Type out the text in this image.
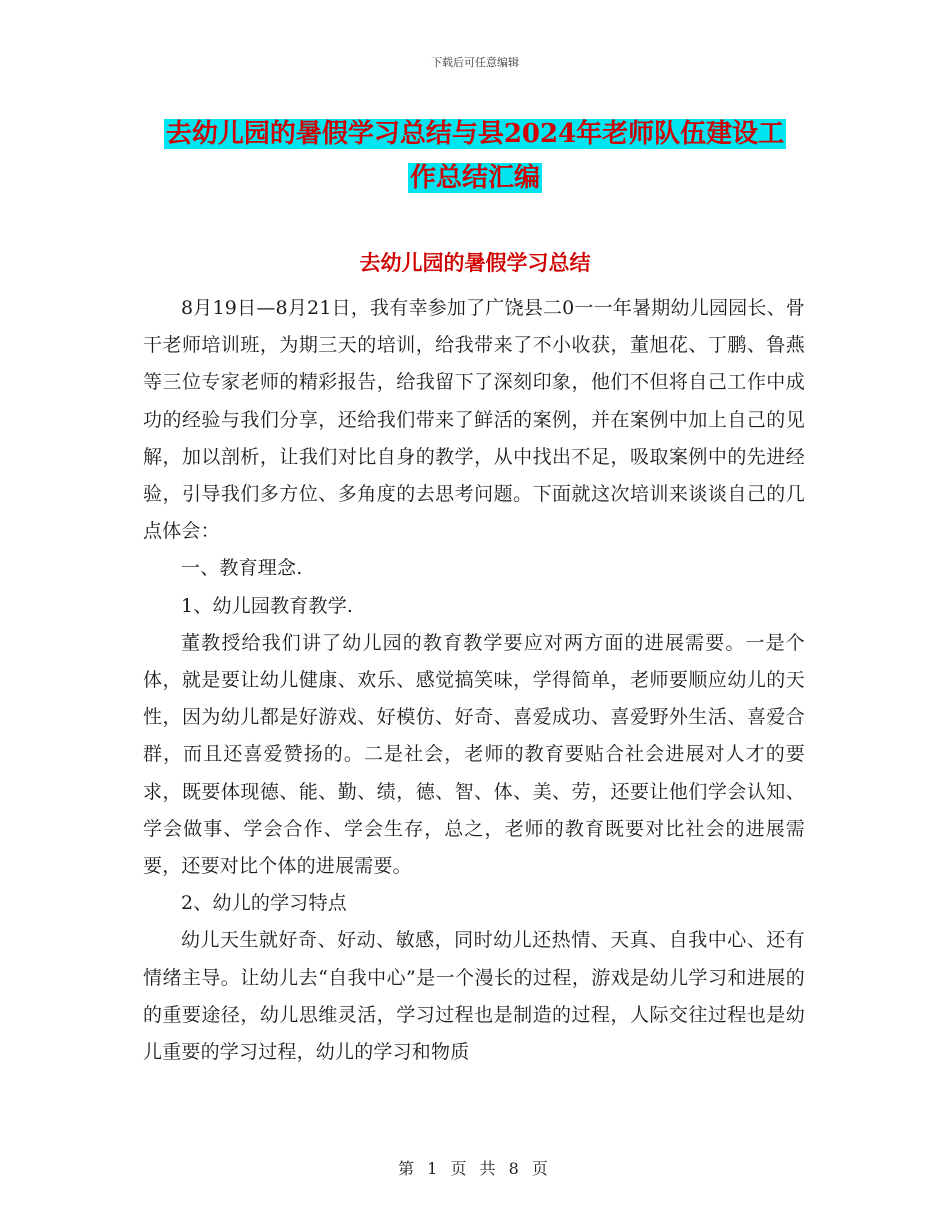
下载后可任意编辑
去幼儿园的暑假学习总结与县2024年老师队伍建设工
作总结汇编
去幼儿园的暑假学习总结

8月19日—8月21日，我有幸参加了广饶县二0一一年暑期幼儿园园长、骨干老师培训班，为期三天的培训，给我带来了不小收获，董旭花、丁鹏、鲁燕等三位专家老师的精彩报告，给我留下了深刻印象，他们不但将自己工作中成功的经验与我们分享，还给我们带来了鲜活的案例，并在案例中加上自己的见解，加以剖析，让我们对比自身的教学，从中找出不足，吸取案例中的先进经验，引导我们多方位、多角度的去思考问题。下面就这次培训来谈谈自己的几点体会：

一、教育理念.

1、幼儿园教育教学.

董教授给我们讲了幼儿园的教育教学要应对两方面的进展需要。一是个体，就是要让幼儿健康、欢乐、感觉搞笑味，学得简单，老师要顺应幼儿的天性，因为幼儿都是好游戏、好模仿、好奇、喜爱成功、喜爱野外生活、喜爱合群，而且还喜爱赞扬的。二是社会，老师的教育要贴合社会进展对人才的要求，既要体现德、能、勤、绩，德、智、体、美、劳，还要让他们学会认知、学会做事、学会合作、学会生存，总之，老师的教育既要对比社会的进展需要，还要对比个体的进展需要。

2、幼儿的学习特点

幼儿天生就好奇、好动、敏感，同时幼儿还热情、天真、自我中心、还有情绪主导。让幼儿去“自我中心”是一个漫长的过程，游戏是幼儿学习和进展的的重要途径，幼儿思维灵活，学习过程也是制造的过程，人际交往过程也是幼儿重要的学习过程，幼儿的学习和物质

第 1 页 共 8 页
